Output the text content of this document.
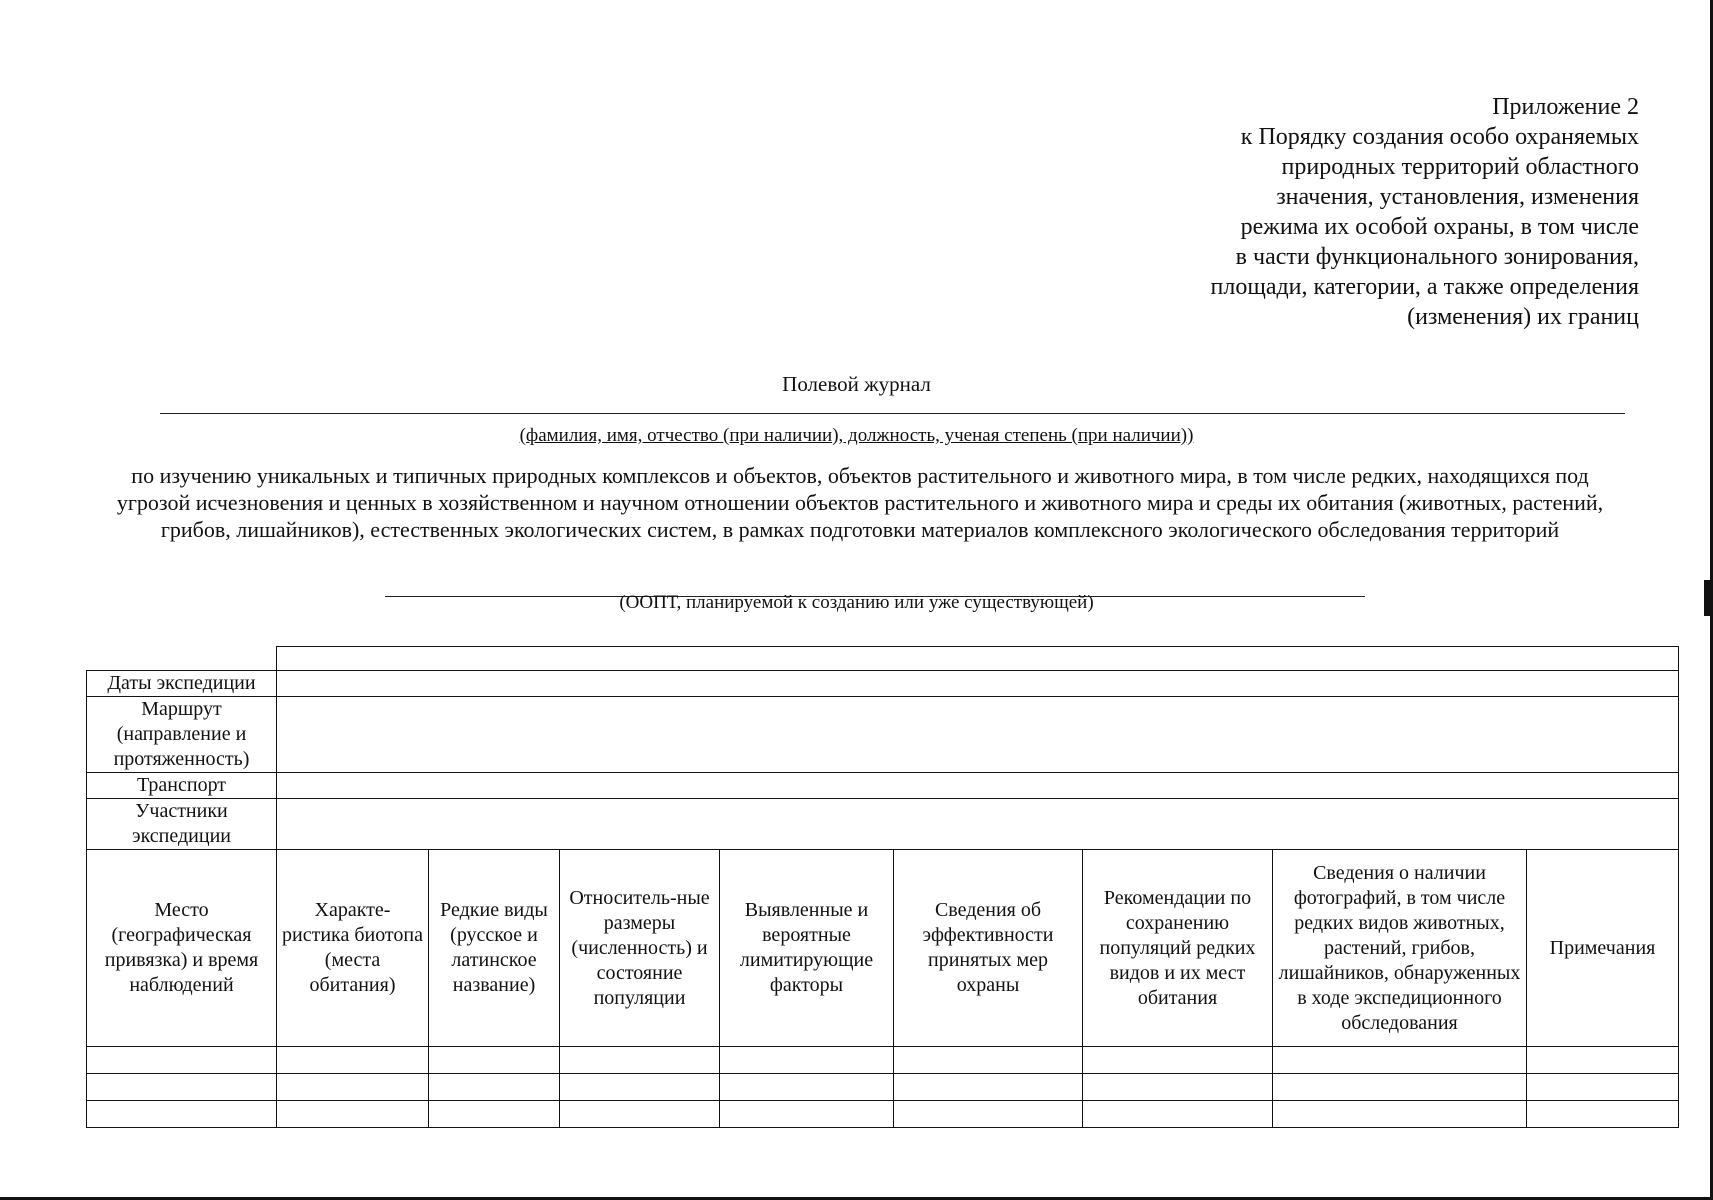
Приложение 2
к Порядку создания особо охраняемых
природных территорий областного
значения, установления, изменения
режима их особой охраны, в том числе
в части функционального зонирования,
площади, категории, а также определения
(изменения) их границ
Полевой журнал
(фамилия, имя, отчество (при наличии), должность, ученая степень (при наличии))
по изучению уникальных и типичных природных комплексов и объектов, объектов растительного и животного мира, в том числе редких, находящихся под угрозой исчезновения и ценных в хозяйственном и научном отношении объектов растительного и животного мира и среды их обитания (животных, растений, грибов, лишайников), естественных экологических систем, в рамках подготовки материалов комплексного экологического обследования территорий
(ООПТ, планируемой к созданию или уже существующей)

Даты экспедиции								
Маршрут (направление и протяженность)								
Транспорт								
Участники экспедиции								
Место (географическая привязка) и время наблюдений	Характе-ристика биотопа (места обитания)	Редкие виды (русское и латинское название)	Относитель-ные размеры (численность) и состояние популяции	Выявленные и вероятные лимитирующие факторы	Сведения об эффективности принятых мер охраны	Рекомендации по сохранению популяций редких видов и их мест обитания	Сведения о наличии фотографий, в том числе редких видов животных, растений, грибов, лишайников, обнаруженных в ходе экспедиционного обследования	Примечания
